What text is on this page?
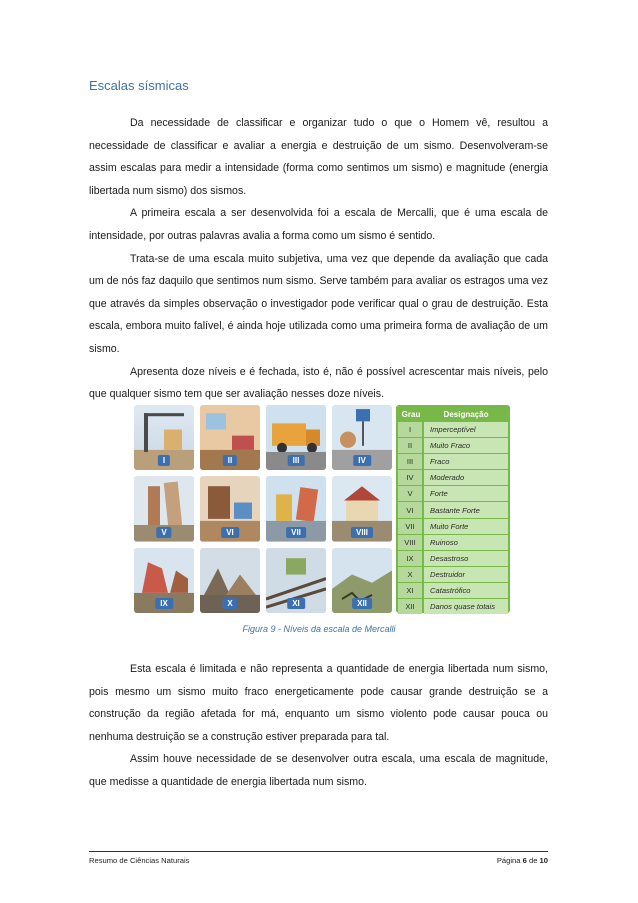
Escalas sísmicas

Da necessidade de classificar e organizar tudo o que o Homem vê, resultou a necessidade de classificar e avaliar a energia e destruição de um sismo. Desenvolveram-se assim escalas para medir a intensidade (forma como sentimos um sismo) e magnitude (energia libertada num sismo) dos sismos.

A primeira escala a ser desenvolvida foi a escala de Mercalli, que é uma escala de intensidade, por outras palavras avalia a forma como um sismo é sentido.

Trata-se de uma escala muito subjetiva, uma vez que depende da avaliação que cada um de nós faz daquilo que sentimos num sismo. Serve também para avaliar os estragos uma vez que através da simples observação o investigador pode verificar qual o grau de destruição. Esta escala, embora muito falível, é ainda hoje utilizada como uma primeira forma de avaliação de um sismo.

Apresenta doze níveis e é fechada, isto é, não é possível acrescentar mais níveis, pelo que qualquer sismo tem que ser avaliação nesses doze níveis.

I	II	III	IV
V	VI	VII	VIII
IX	X	XI	XII
Grau	Designação
I	Imperceptível
II	Muito Fraco
III	Fraco
IV	Moderado
V	Forte
VI	Bastante Forte
VII	Muito Forte
VIII	Ruinoso
IX	Desastroso
X	Destruidor
XI	Catastrófico
XII	Danos quase totais
Figura 9 - Níveis da escala de Mercalli

Esta escala é limitada e não representa a quantidade de energia libertada num sismo, pois mesmo um sismo muito fraco energeticamente pode causar grande destruição se a construção da região afetada for má, enquanto um sismo violento pode causar pouca ou nenhuma destruição se a construção estiver preparada para tal.

Assim houve necessidade de se desenvolver outra escala, uma escala de magnitude, que medisse a quantidade de energia libertada num sismo.

Resumo de Ciências Naturais	Página 6 de 10
